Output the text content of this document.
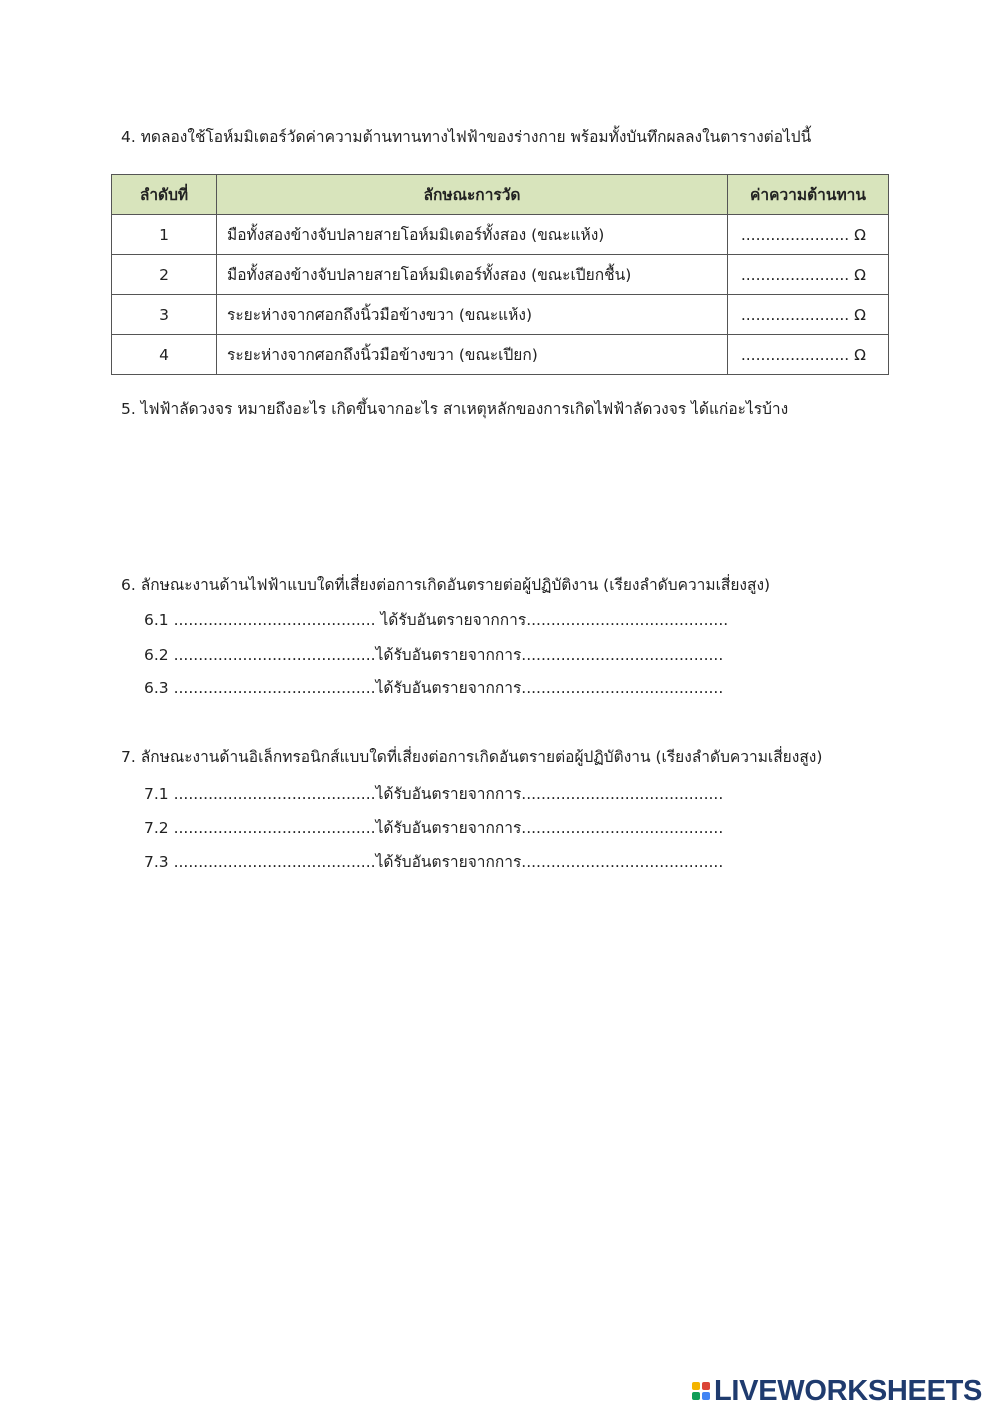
4. ทดลองใช้โอห์มมิเตอร์วัดค่าความต้านทานทางไฟฟ้าของร่างกาย พร้อมทั้งบันทึกผลลงในตารางต่อไปนี้
ลำดับที่	ลักษณะการวัด	ค่าความต้านทาน
1	มือทั้งสองข้างจับปลายสายโอห์มมิเตอร์ทั้งสอง (ขณะแห้ง)	...................... Ω
2	มือทั้งสองข้างจับปลายสายโอห์มมิเตอร์ทั้งสอง (ขณะเปียกชื้น)	...................... Ω
3	ระยะห่างจากศอกถึงนิ้วมือข้างขวา (ขณะแห้ง)	...................... Ω
4	ระยะห่างจากศอกถึงนิ้วมือข้างขวา (ขณะเปียก)	...................... Ω
5. ไฟฟ้าลัดวงจร หมายถึงอะไร เกิดขึ้นจากอะไร สาเหตุหลักของการเกิดไฟฟ้าลัดวงจร ได้แก่อะไรบ้าง
6. ลักษณะงานด้านไฟฟ้าแบบใดที่เสี่ยงต่อการเกิดอันตรายต่อผู้ปฏิบัติงาน (เรียงลำดับความเสี่ยงสูง)
6.1 ......................................... ได้รับอันตรายจากการ.........................................
6.2 .........................................ได้รับอันตรายจากการ.........................................
6.3 .........................................ได้รับอันตรายจากการ.........................................
7. ลักษณะงานด้านอิเล็กทรอนิกส์แบบใดที่เสี่ยงต่อการเกิดอันตรายต่อผู้ปฏิบัติงาน (เรียงลำดับความเสี่ยงสูง)
7.1 .........................................ได้รับอันตรายจากการ.........................................
7.2 .........................................ได้รับอันตรายจากการ.........................................
7.3 .........................................ได้รับอันตรายจากการ.........................................
LIVEWORKSHEETS
